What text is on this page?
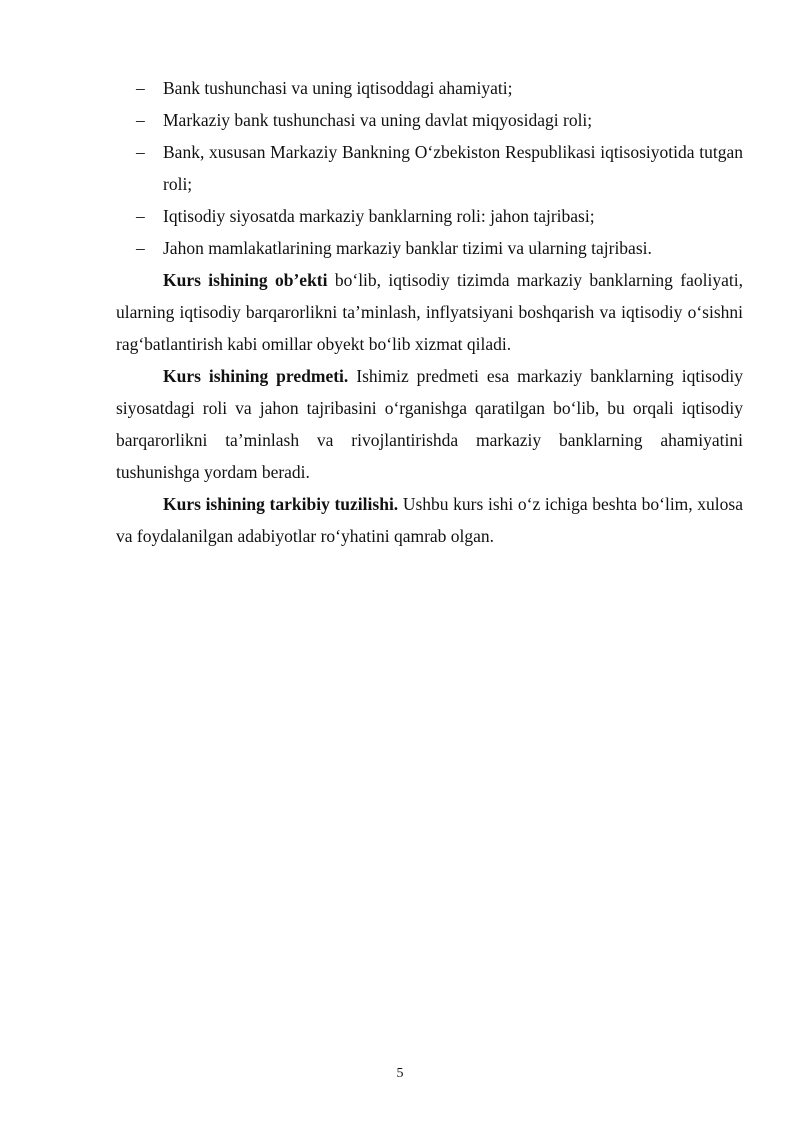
– Bank tushunchasi va uning iqtisoddagi ahamiyati;
– Markaziy bank tushunchasi va uning davlat miqyosidagi roli;
– Bank, xususan Markaziy Bankning O‘zbekiston Respublikasi iqtisosiyotida tutgan roli;
– Iqtisodiy siyosatda markaziy banklarning roli: jahon tajribasi;
– Jahon mamlakatlarining markaziy banklar tizimi va ularning tajribasi.

Kurs ishining ob’ekti bo‘lib, iqtisodiy tizimda markaziy banklarning faoliyati, ularning iqtisodiy barqarorlikni ta’minlash, inflyatsiyani boshqarish va iqtisodiy o‘sishni rag‘batlantirish kabi omillar obyekt bo‘lib xizmat qiladi.

Kurs ishining predmeti. Ishimiz predmeti esa markaziy banklarning iqtisodiy siyosatdagi roli va jahon tajribasini o‘rganishga qaratilgan bo‘lib, bu orqali iqtisodiy barqarorlikni ta’minlash va rivojlantirishda markaziy banklarning ahamiyatini tushunishga yordam beradi.

Kurs ishining tarkibiy tuzilishi. Ushbu kurs ishi o‘z ichiga beshta bo‘lim, xulosa va foydalanilgan adabiyotlar ro‘yhatini qamrab olgan.

5
